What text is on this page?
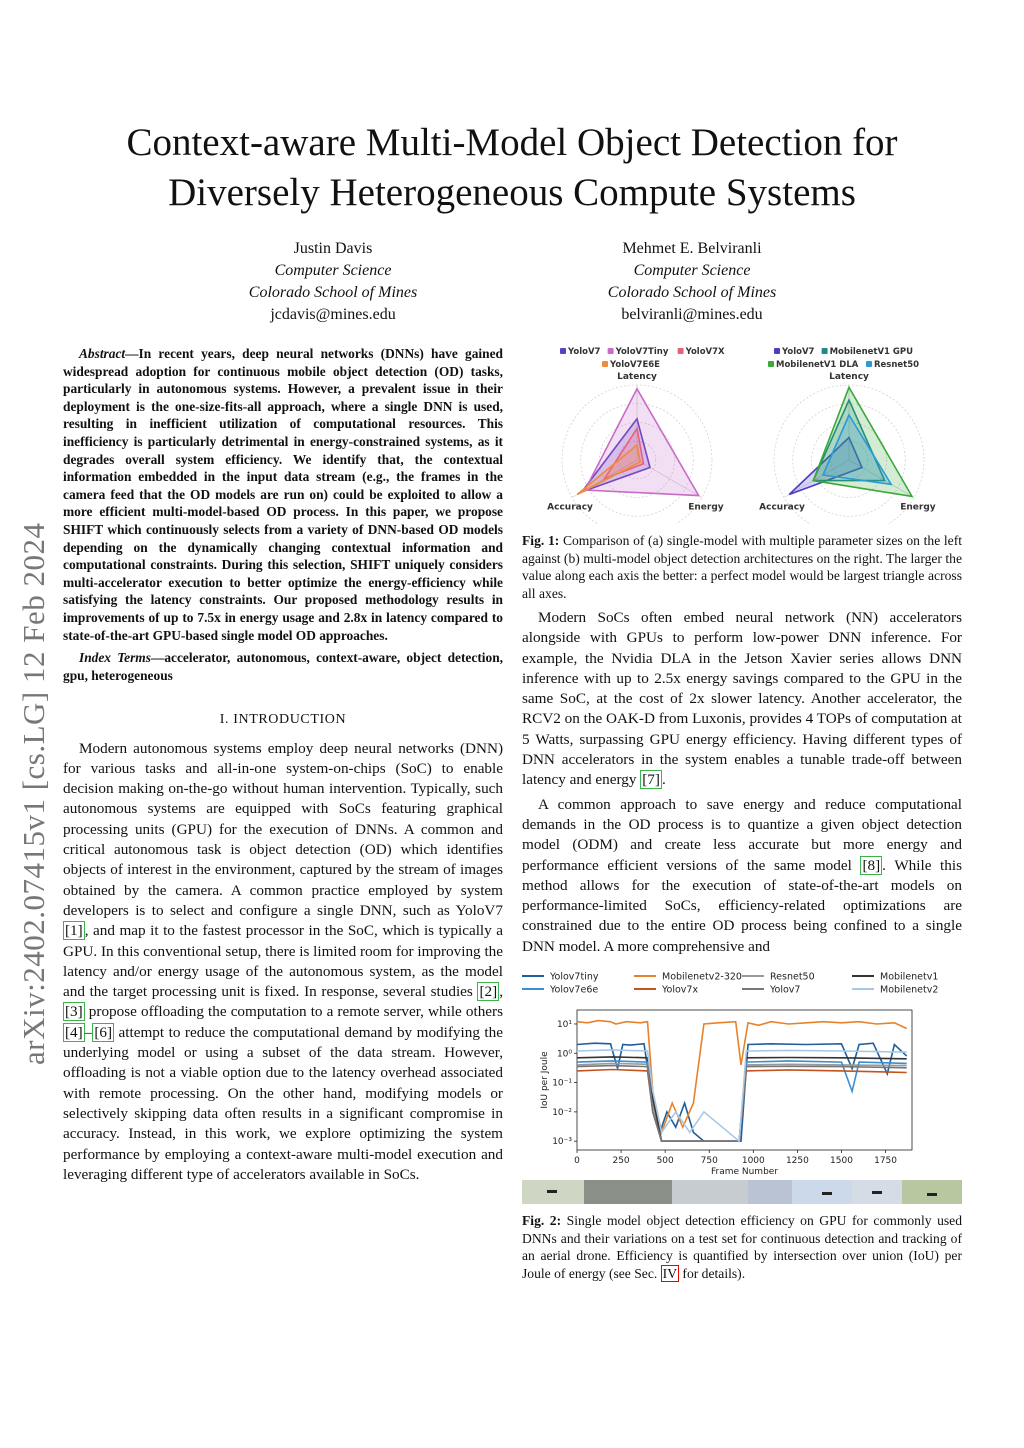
Context-aware Multi-Model Object Detection for
Diversely Heterogeneous Compute Systems
Justin Davis
Computer Science
Colorado School of Mines
jcdavis@mines.edu
Mehmet E. Belviranli
Computer Science
Colorado School of Mines
belviranli@mines.edu
arXiv:2402.07415v1 [cs.LG] 12 Feb 2024

Abstract—In recent years, deep neural networks (DNNs) have gained widespread adoption for continuous mobile object detection (OD) tasks, particularly in autonomous systems. However, a prevalent issue in their deployment is the one-size-fits-all approach, where a single DNN is used, resulting in inefficient utilization of computational resources. This inefficiency is particularly detrimental in energy-constrained systems, as it degrades overall system efficiency. We identify that, the contextual information embedded in the input data stream (e.g., the frames in the camera feed that the OD models are run on) could be exploited to allow a more efficient multi-model-based OD process. In this paper, we propose SHIFT which continuously selects from a variety of DNN-based OD models depending on the dynamically changing contextual information and computational constraints. During this selection, SHIFT uniquely considers multi-accelerator execution to better optimize the energy-efficiency while satisfying the latency constraints. Our proposed methodology results in improvements of up to 7.5x in energy usage and 2.8x in latency compared to state-of-the-art GPU-based single model OD approaches.

Index Terms—accelerator, autonomous, context-aware, object detection, gpu, heterogeneous

I. INTRODUCTION

Modern autonomous systems employ deep neural networks (DNN) for various tasks and all-in-one system-on-chips (SoC) to enable decision making on-the-go without human intervention. Typically, such autonomous systems are equipped with SoCs featuring graphical processing units (GPU) for the execution of DNNs. A common and critical autonomous task is object detection (OD) which identifies objects of interest in the environment, captured by the stream of images obtained by the camera. A common practice employed by system developers is to select and configure a single DNN, such as YoloV7 [1] , and map it to the fastest processor in the SoC, which is typically a GPU. In this conventional setup, there is limited room for improving the latency and/or energy usage of the autonomous system, as the model and the target processing unit is fixed. In response, several studies [2] , [3] propose offloading the computation to a remote server, while others [4] – [6] attempt to reduce the computational demand by modifying the underlying model or using a subset of the data stream. However, offloading is not a viable option due to the latency overhead associated with remote processing. On the other hand, modifying models or selectively skipping data often results in a significant compromise in accuracy. Instead, in this work, we explore optimizing the system performance by employing a context-aware multi-model execution and leveraging different type of accelerators available in SoCs.

YoloV7 YoloV7Tiny YoloV7X
YoloV7E6E
Latency
Accuracy	Energy
YoloV7 MobilenetV1 GPU
MobilenetV1 DLA Resnet50
Latency
Accuracy	Energy
Fig. 1: Comparison of (a) single-model with multiple parameter sizes on the left against (b) multi-model object detection architectures on the right. The larger the value along each axis the better: a perfect model would be largest triangle across all axes.

Modern SoCs often embed neural network (NN) accelerators alongside with GPUs to perform low-power DNN inference. For example, the Nvidia DLA in the Jetson Xavier series allows DNN inference with up to 2.5x energy savings compared to the GPU in the same SoC, at the cost of 2x slower latency. Another accelerator, the RCV2 on the OAK-D from Luxonis, provides 4 TOPs of computation at 5 Watts, surpassing GPU energy efficiency. Having different types of DNN accelerators in the system enables a tunable trade-off between latency and energy [7] .

A common approach to save energy and reduce computational demands in the OD process is to quantize a given object detection model (ODM) and create less accurate but more energy and performance efficient versions of the same model [8] . While this method allows for the execution of state-of-the-art models on performance-limited SoCs, efficiency-related optimizations are constrained due to the entire OD process being confined to a single DNN model. A more comprehensive and

Yolov7tiny	Mobilenetv2-320	Resnet50	Mobilenetv1
Yolov7e6e	Yolov7x	Yolov7	Mobilenetv2
10⁻³
10⁻²
10⁻¹
10⁰
10¹
0	250	500	750	1000 1250 1500 1750
Frame Number
IoU per Joule
Fig. 2: Single model object detection efficiency on GPU for commonly used DNNs and their variations on a test set for continuous detection and tracking of an aerial drone. Efficiency is quantified by intersection over union (IoU) per Joule of energy (see Sec. IV for details).
